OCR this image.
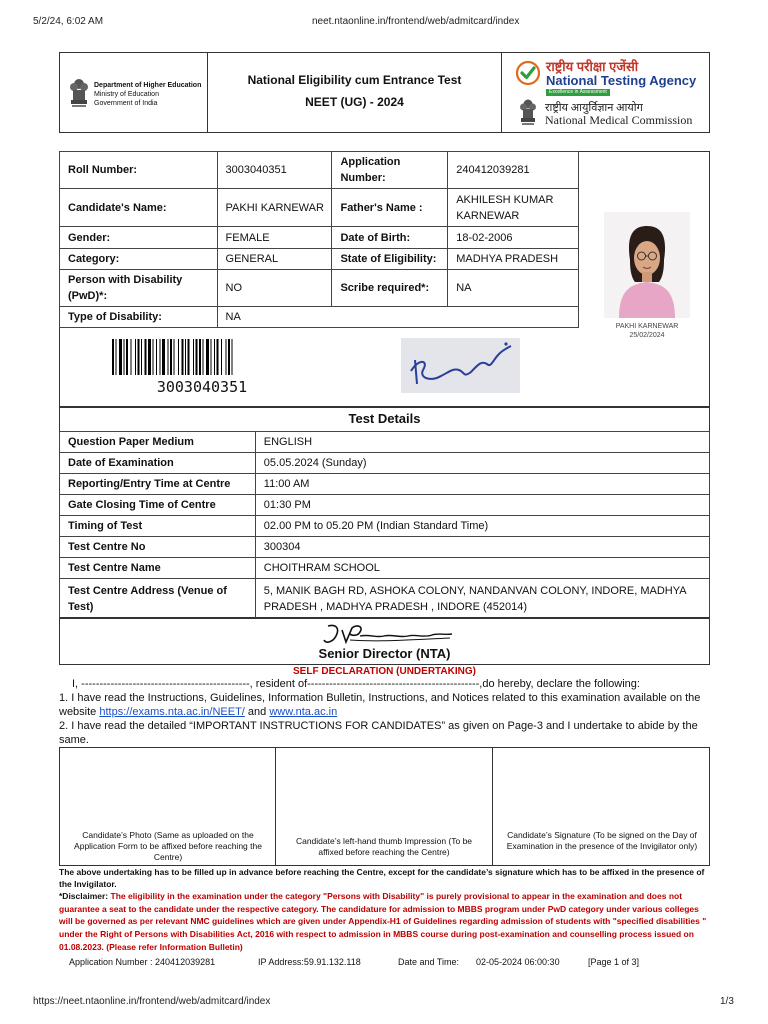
5/2/24, 6:02 AM	neet.ntaonline.in/frontend/web/admitcard/index
Department of Higher Education
Ministry of Education
Government of India
National Eligibility cum Entrance Test
NEET (UG) - 2024
राष्ट्रीय परीक्षा एजेंसी
National Testing Agency
Excellence in Assessment
राष्ट्रीय आयुर्विज्ञान आयोग
National Medical Commission
Roll Number:	3003040351	Application Number:	240412039281
Candidate's Name:	PAKHI KARNEWAR	Father's Name :	AKHILESH KUMAR KARNEWAR
Gender:	FEMALE	Date of Birth:	18-02-2006
Category:	GENERAL	State of Eligibility:	MADHYA PRADESH
Person with Disability (PwD)*:	NO	Scribe required*:	NA
Type of Disability:	NA		
PAKHI KARNEWAR
25/02/2024
3003040351
Test Details
Question Paper Medium	ENGLISH
Date of Examination	05.05.2024 (Sunday)
Reporting/Entry Time at Centre	11:00 AM
Gate Closing Time of Centre	01:30 PM
Timing of Test	02.00 PM to 05.20 PM (Indian Standard Time)
Test Centre No	300304
Test Centre Name	CHOITHRAM SCHOOL
Test Centre Address (Venue of Test)	5, MANIK BAGH RD, ASHOKA COLONY, NANDANVAN COLONY, INDORE, MADHYA PRADESH , MADHYA PRADESH , INDORE (452014)
Senior Director (NTA)
SELF DECLARATION (UNDERTAKING)
I, ----------------------------------------------, resident of-----------------------------------------------,do hereby, declare the following:
1. I have read the Instructions, Guidelines, Information Bulletin, Instructions, and Notices related to this examination available on the website https://exams.nta.ac.in/NEET/ and www.nta.ac.in
2. I have read the detailed “IMPORTANT INSTRUCTIONS FOR CANDIDATES” as given on Page-3 and I undertake to abide by the same.
Candidate’s Photo (Same as uploaded on the Application Form to be affixed before reaching the Centre)
Candidate’s left-hand thumb Impression (To be affixed before reaching the Centre)
Candidate’s Signature (To be signed on the Day of Examination in the presence of the Invigilator only)
The above undertaking has to be filled up in advance before reaching the Centre, except for the candidate’s signature which has to be affixed in the presence of the Invigilator.
*Disclaimer: The eligibility in the examination under the category "Persons with Disability" is purely provisional to appear in the examination and does not guarantee a seat to the candidate under the respective category. The candidature for admission to MBBS program under PwD category under various colleges will be governed as per relevant NMC guidelines which are given under Appendix-H1 of Guidelines regarding admission of students with "specified disabilities " under the Right of Persons with Disabilities Act, 2016 with respect to admission in MBBS course during post-examination and counselling process issued on 01.08.2023. (Please refer Information Bulletin)
Application Number : 240412039281	IP Address:59.91.132.118	Date and Time: 02-05-2024 06:00:30	[Page 1 of 3]
https://neet.ntaonline.in/frontend/web/admitcard/index	1/3
